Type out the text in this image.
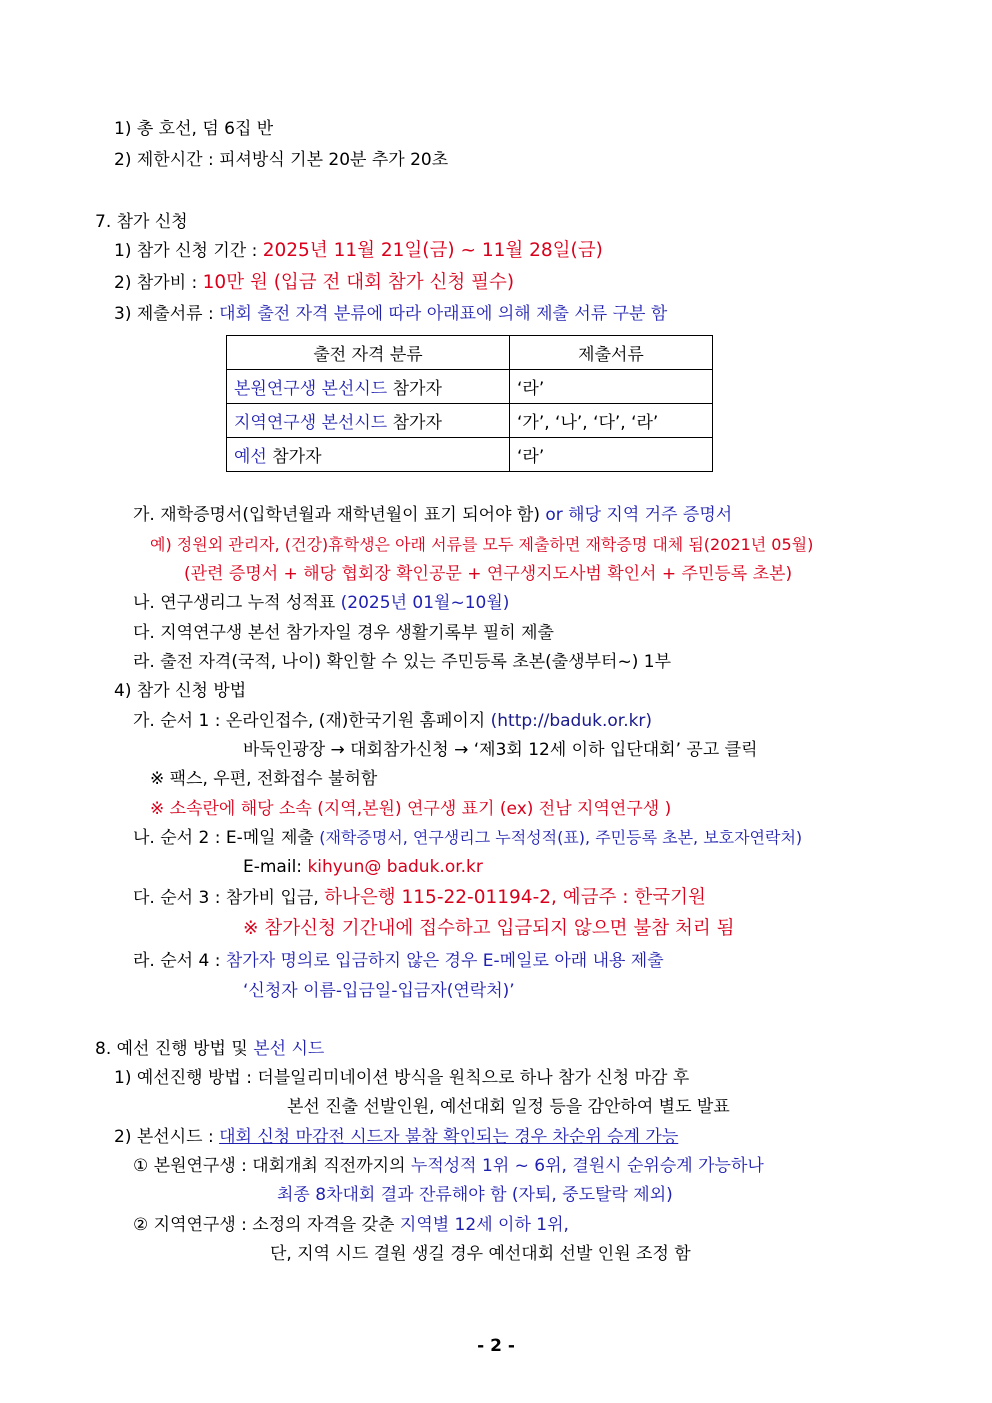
1) 총 호선, 덤 6집 반
2) 제한시간 : 피셔방식 기본 20분 추가 20초
7. 참가 신청
1) 참가 신청 기간 : 2025년 11월 21일(금) ~ 11월 28일(금)
2) 참가비 : 10만 원 (입금 전 대회 참가 신청 필수)
3) 제출서류 : 대회 출전 자격 분류에 따라 아래표에 의해 제출 서류 구분 함
출전 자격 분류	제출서류
본원연구생 본선시드 참가자	‘라’
지역연구생 본선시드 참가자	‘가’, ‘나’, ‘다’, ‘라’
예선 참가자	‘라’
가. 재학증명서(입학년월과 재학년월이 표기 되어야 함) or 해당 지역 거주 증명서
예) 정원외 관리자, (건강)휴학생은 아래 서류를 모두 제출하면 재학증명 대체 됨(2021년 05월)
(관련 증명서 + 해당 협회장 확인공문 + 연구생지도사범 확인서 + 주민등록 초본)
나. 연구생리그 누적 성적표 (2025년 01월~10월)
다. 지역연구생 본선 참가자일 경우 생활기록부 필히 제출
라. 출전 자격(국적, 나이) 확인할 수 있는 주민등록 초본(출생부터~) 1부
4) 참가 신청 방법
가. 순서 1 : 온라인접수, (재)한국기원 홈페이지 (http://baduk.or.kr)
바둑인광장 → 대회참가신청 → ‘제3회 12세 이하 입단대회’ 공고 클릭
※ 팩스, 우편, 전화접수 불허함
※ 소속란에 해당 소속 (지역,본원) 연구생 표기 (ex) 전남 지역연구생 )
나. 순서 2 : E-메일 제출 (재학증명서, 연구생리그 누적성적(표), 주민등록 초본, 보호자연락처)
E-mail: kihyun@ baduk.or.kr
다. 순서 3 : 참가비 입금, 하나은행 115-22-01194-2, 예금주 : 한국기원
※ 참가신청 기간내에 접수하고 입금되지 않으면 불참 처리 됨
라. 순서 4 : 참가자 명의로 입금하지 않은 경우 E-메일로 아래 내용 제출
‘신청자 이름-입금일-입금자(연락처)’
8. 예선 진행 방법 및 본선 시드
1) 예선진행 방법 : 더블일리미네이션 방식을 원칙으로 하나 참가 신청 마감 후
본선 진출 선발인원, 예선대회 일정 등을 감안하여 별도 발표
2) 본선시드 : 대회 신청 마감전 시드자 불참 확인되는 경우 차순위 승계 가능
① 본원연구생 : 대회개최 직전까지의 누적성적 1위 ~ 6위, 결원시 순위승계 가능하나
최종 8차대회 결과 잔류해야 함 (자퇴, 중도탈락 제외)
② 지역연구생 : 소정의 자격을 갖춘 지역별 12세 이하 1위,
단, 지역 시드 결원 생길 경우 예선대회 선발 인원 조정 함
- 2 -
